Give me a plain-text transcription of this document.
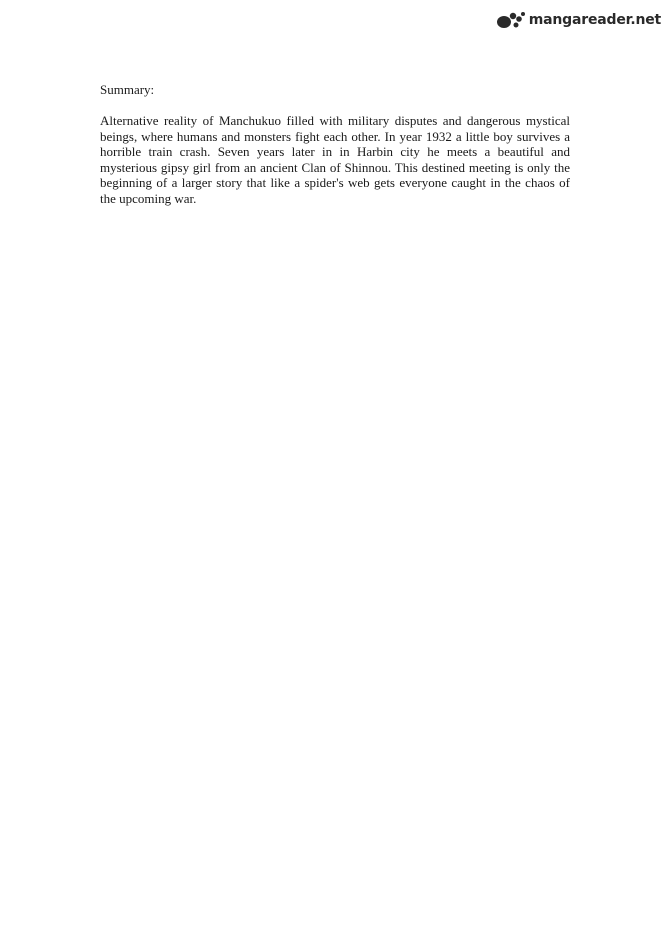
mangareader.net

Summary:

Alternative reality of Manchukuo filled with military disputes and dangerous mystical beings, where humans and monsters fight each other. In year 1932 a little boy survives a horrible train crash. Seven years later in in Harbin city he meets a beautiful and mysterious gipsy girl from an ancient Clan of Shinnou. This destined meeting is only the beginning of a larger story that like a spider's web gets everyone caught in the chaos of the upcoming war.
